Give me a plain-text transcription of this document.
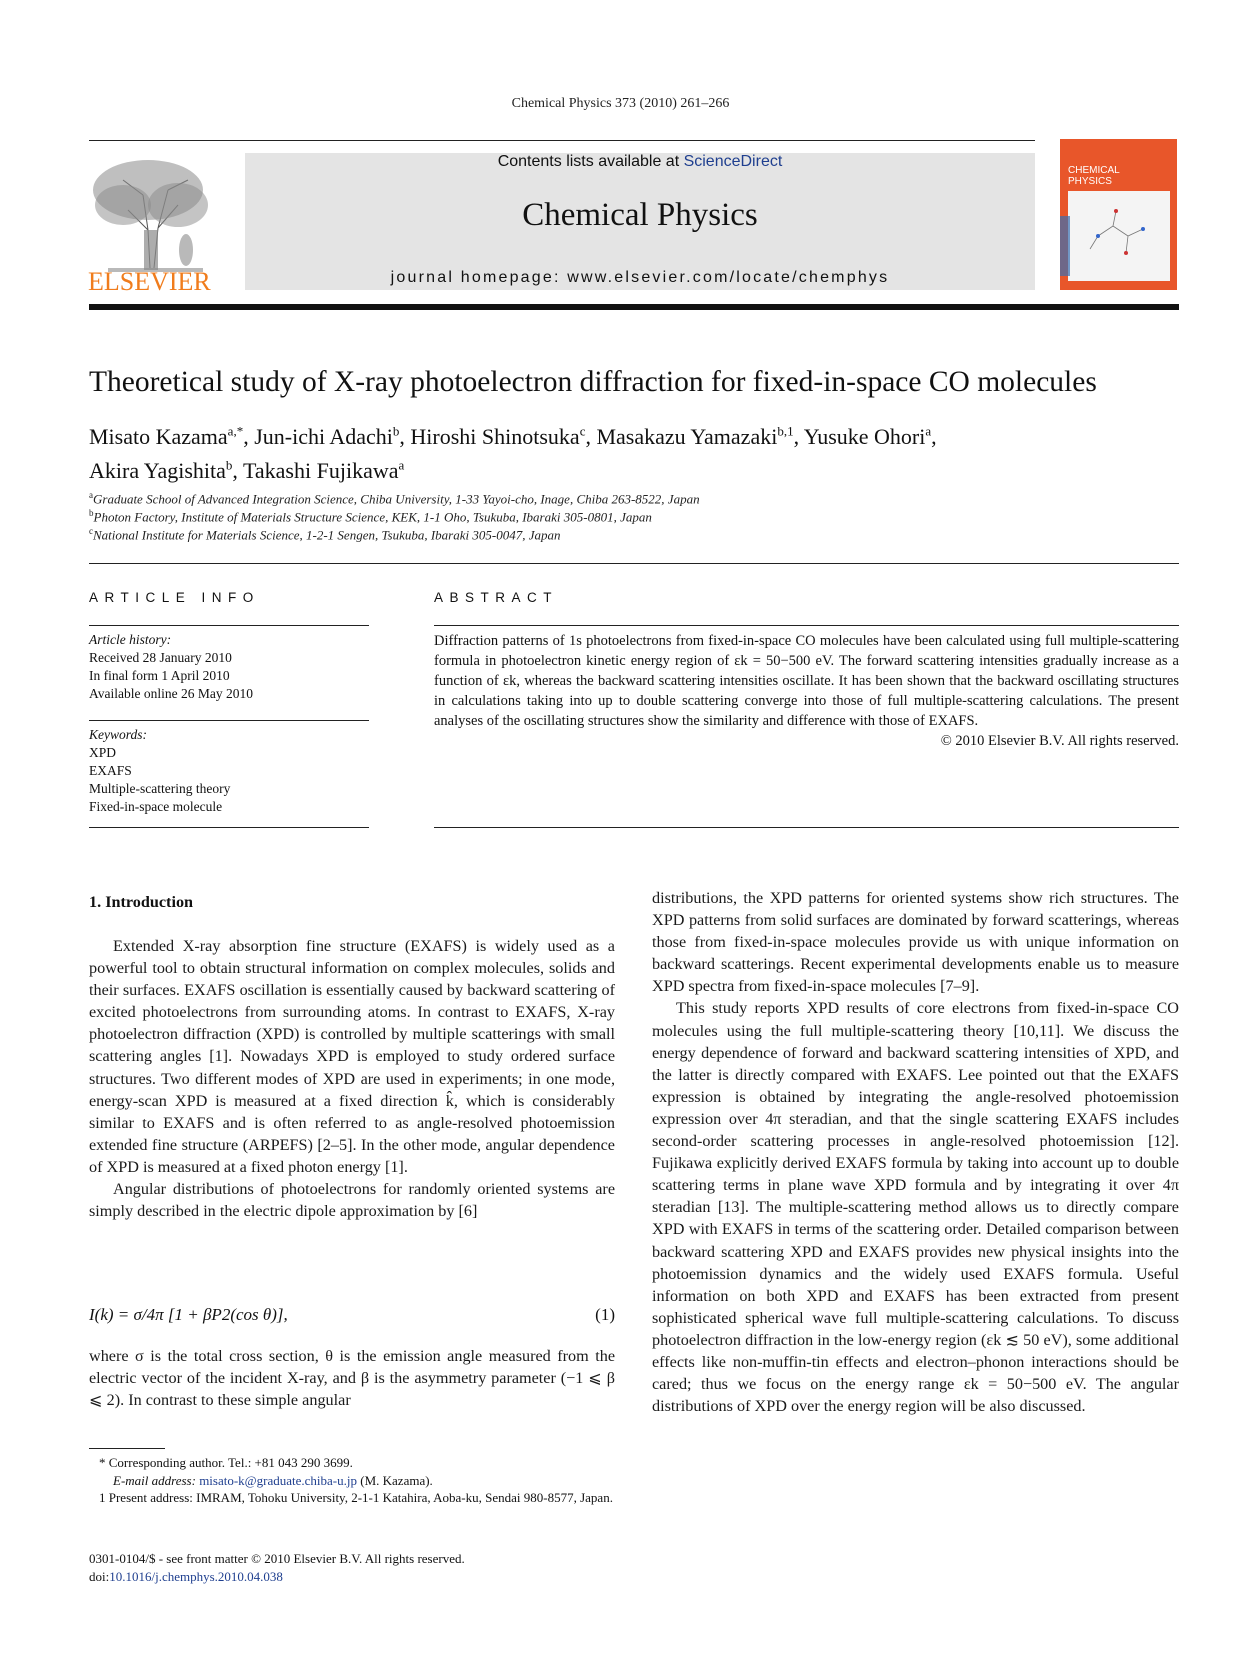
Chemical Physics 373 (2010) 261–266
ELSEVIER
Contents lists available at ScienceDirect
Chemical Physics
journal homepage: www.elsevier.com/locate/chemphys
CHEMICAL
PHYSICS
Theoretical study of X-ray photoelectron diffraction for fixed-in-space CO molecules
Misato Kazama$^{a,*}$, Jun-ichi Adachi$^b$, Hiroshi Shinotsuka$^c$, Masakazu Yamazaki$^{b,1}$, Yusuke Ohori$^a$,
Akira Yagishita$^b$, Takashi Fujikawa$^a$
$^a$Graduate School of Advanced Integration Science, Chiba University, 1-33 Yayoi-cho, Inage, Chiba 263-8522, Japan
$^b$Photon Factory, Institute of Materials Structure Science, KEK, 1-1 Oho, Tsukuba, Ibaraki 305-0801, Japan
$^c$National Institute for Materials Science, 1-2-1 Sengen, Tsukuba, Ibaraki 305-0047, Japan
ARTICLE INFO
Article history:
Received 28 January 2010
In final form 1 April 2010
Available online 26 May 2010
Keywords:
XPD
EXAFS
Multiple-scattering theory
Fixed-in-space molecule
ABSTRACT
Diffraction patterns of 1s photoelectrons from fixed-in-space CO molecules have been calculated using full multiple-scattering formula in photoelectron kinetic energy region of εk = 50−500 eV. The forward scattering intensities gradually increase as a function of εk, whereas the backward scattering intensities oscillate. It has been shown that the backward oscillating structures in calculations taking into up to double scattering converge into those of full multiple-scattering calculations. The present analyses of the oscillating structures show the similarity and difference with those of EXAFS.
© 2010 Elsevier B.V. All rights reserved.
1. Introduction

Extended X-ray absorption fine structure (EXAFS) is widely used as a powerful tool to obtain structural information on complex molecules, solids and their surfaces. EXAFS oscillation is essentially caused by backward scattering of excited photoelectrons from surrounding atoms. In contrast to EXAFS, X-ray photoelectron diffraction (XPD) is controlled by multiple scatterings with small scattering angles [1]. Nowadays XPD is employed to study ordered surface structures. Two different modes of XPD are used in experiments; in one mode, energy-scan XPD is measured at a fixed direction k̂, which is considerably similar to EXAFS and is often referred to as angle-resolved photoemission extended fine structure (ARPEFS) [2–5]. In the other mode, angular dependence of XPD is measured at a fixed photon energy [1].

Angular distributions of photoelectrons for randomly oriented systems are simply described in the electric dipole approximation by [6]

I(k) = σ/4π [1 + βP2(cos θ)],	(1)

where σ is the total cross section, θ is the emission angle measured from the electric vector of the incident X-ray, and β is the asymmetry parameter (−1 ⩽ β ⩽ 2). In contrast to these simple angular

* Corresponding author. Tel.: +81 043 290 3699.
E-mail address: misato-k@graduate.chiba-u.jp (M. Kazama).
1 Present address: IMRAM, Tohoku University, 2-1-1 Katahira, Aoba-ku, Sendai 980-8577, Japan.
0301-0104/$ - see front matter © 2010 Elsevier B.V. All rights reserved.
doi:10.1016/j.chemphys.2010.04.038

distributions, the XPD patterns for oriented systems show rich structures. The XPD patterns from solid surfaces are dominated by forward scatterings, whereas those from fixed-in-space molecules provide us with unique information on backward scatterings. Recent experimental developments enable us to measure XPD spectra from fixed-in-space molecules [7–9].

This study reports XPD results of core electrons from fixed-in-space CO molecules using the full multiple-scattering theory [10,11]. We discuss the energy dependence of forward and backward scattering intensities of XPD, and the latter is directly compared with EXAFS. Lee pointed out that the EXAFS expression is obtained by integrating the angle-resolved photoemission expression over 4π steradian, and that the single scattering EXAFS includes second-order scattering processes in angle-resolved photoemission [12]. Fujikawa explicitly derived EXAFS formula by taking into account up to double scattering terms in plane wave XPD formula and by integrating it over 4π steradian [13]. The multiple-scattering method allows us to directly compare XPD with EXAFS in terms of the scattering order. Detailed comparison between backward scattering XPD and EXAFS provides new physical insights into the photoemission dynamics and the widely used EXAFS formula. Useful information on both XPD and EXAFS has been extracted from present sophisticated spherical wave full multiple-scattering calculations. To discuss photoelectron diffraction in the low-energy region (εk ≲ 50 eV), some additional effects like non-muffin-tin effects and electron–phonon interactions should be cared; thus we focus on the energy range εk = 50−500 eV. The angular distributions of XPD over the energy region will be also discussed.
